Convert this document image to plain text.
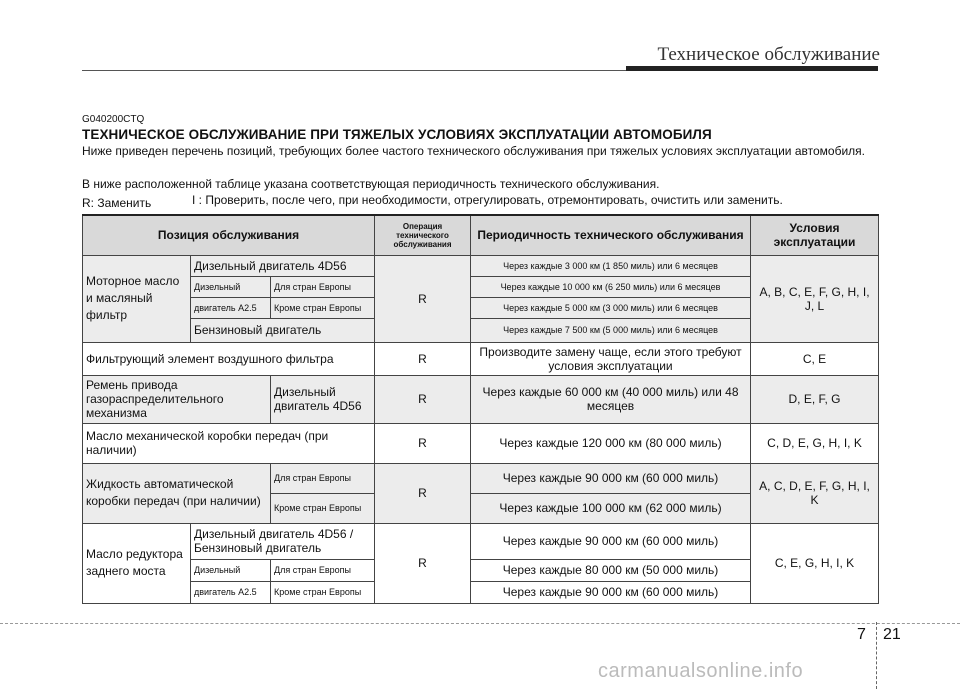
Техническое обслуживание
G040200CTQ
ТЕХНИЧЕСКОЕ ОБСЛУЖИВАНИЕ ПРИ ТЯЖЕЛЫХ УСЛОВИЯХ ЭКСПЛУАТАЦИИ АВТОМОБИЛЯ
Ниже приведен перечень позиций, требующих более частого технического обслуживания при тяжелых условиях эксплуатации автомобиля.
В ниже расположенной таблице указана соответствующая периодичность технического обслуживания.
R: Заменить	I : Проверить, после чего, при необходимости, отрегулировать, отремонтировать, очистить или заменить.
Позиция обслуживания			Операция технического обслуживания	Периодичность технического обслуживания	Условия эксплуатации
Моторное масло и масляный фильтр	Дизельный двигатель 4D56		R	Через каждые 3 000 км (1 850 миль) или 6 месяцев	A, B, C, E, F, G, H, I, J, L
	Дизельный	Для стран Европы		Через каждые 10 000 км (6 250 миль) или 6 месяцев	
	двигатель А2.5	Кроме стран Европы		Через каждые 5 000 км (3 000 миль) или 6 месяцев	
	Бензиновый двигатель			Через каждые 7 500 км (5 000 миль) или 6 месяцев	
Фильтрующий элемент воздушного фильтра			R	Производите замену чаще, если этого требуют условия эксплуатации	C, E
Ремень привода газораспределительного механизма		Дизельный двигатель 4D56	R	Через каждые 60 000 км (40 000 миль) или 48 месяцев	D, E, F, G
Масло механической коробки передач (при наличии)			R	Через каждые 120 000 км (80 000 миль)	C, D, E, G, H, I, K
Жидкость автоматической коробки передач (при наличии)		Для стран Европы	R	Через каждые 90 000 км (60 000 миль)	A, C, D, E, F, G, H, I, K
		Кроме стран Европы		Через каждые 100 000 км (62 000 миль)	
Масло редуктора заднего моста	Дизельный двигатель 4D56 / Бензиновый двигатель		R	Через каждые 90 000 км (60 000 миль)	C, E, G, H, I, K
	Дизельный	Для стран Европы		Через каждые 80 000 км (50 000 миль)	
	двигатель А2.5	Кроме стран Европы		Через каждые 90 000 км (60 000 миль)	
7 21
carmanualsonline.info
